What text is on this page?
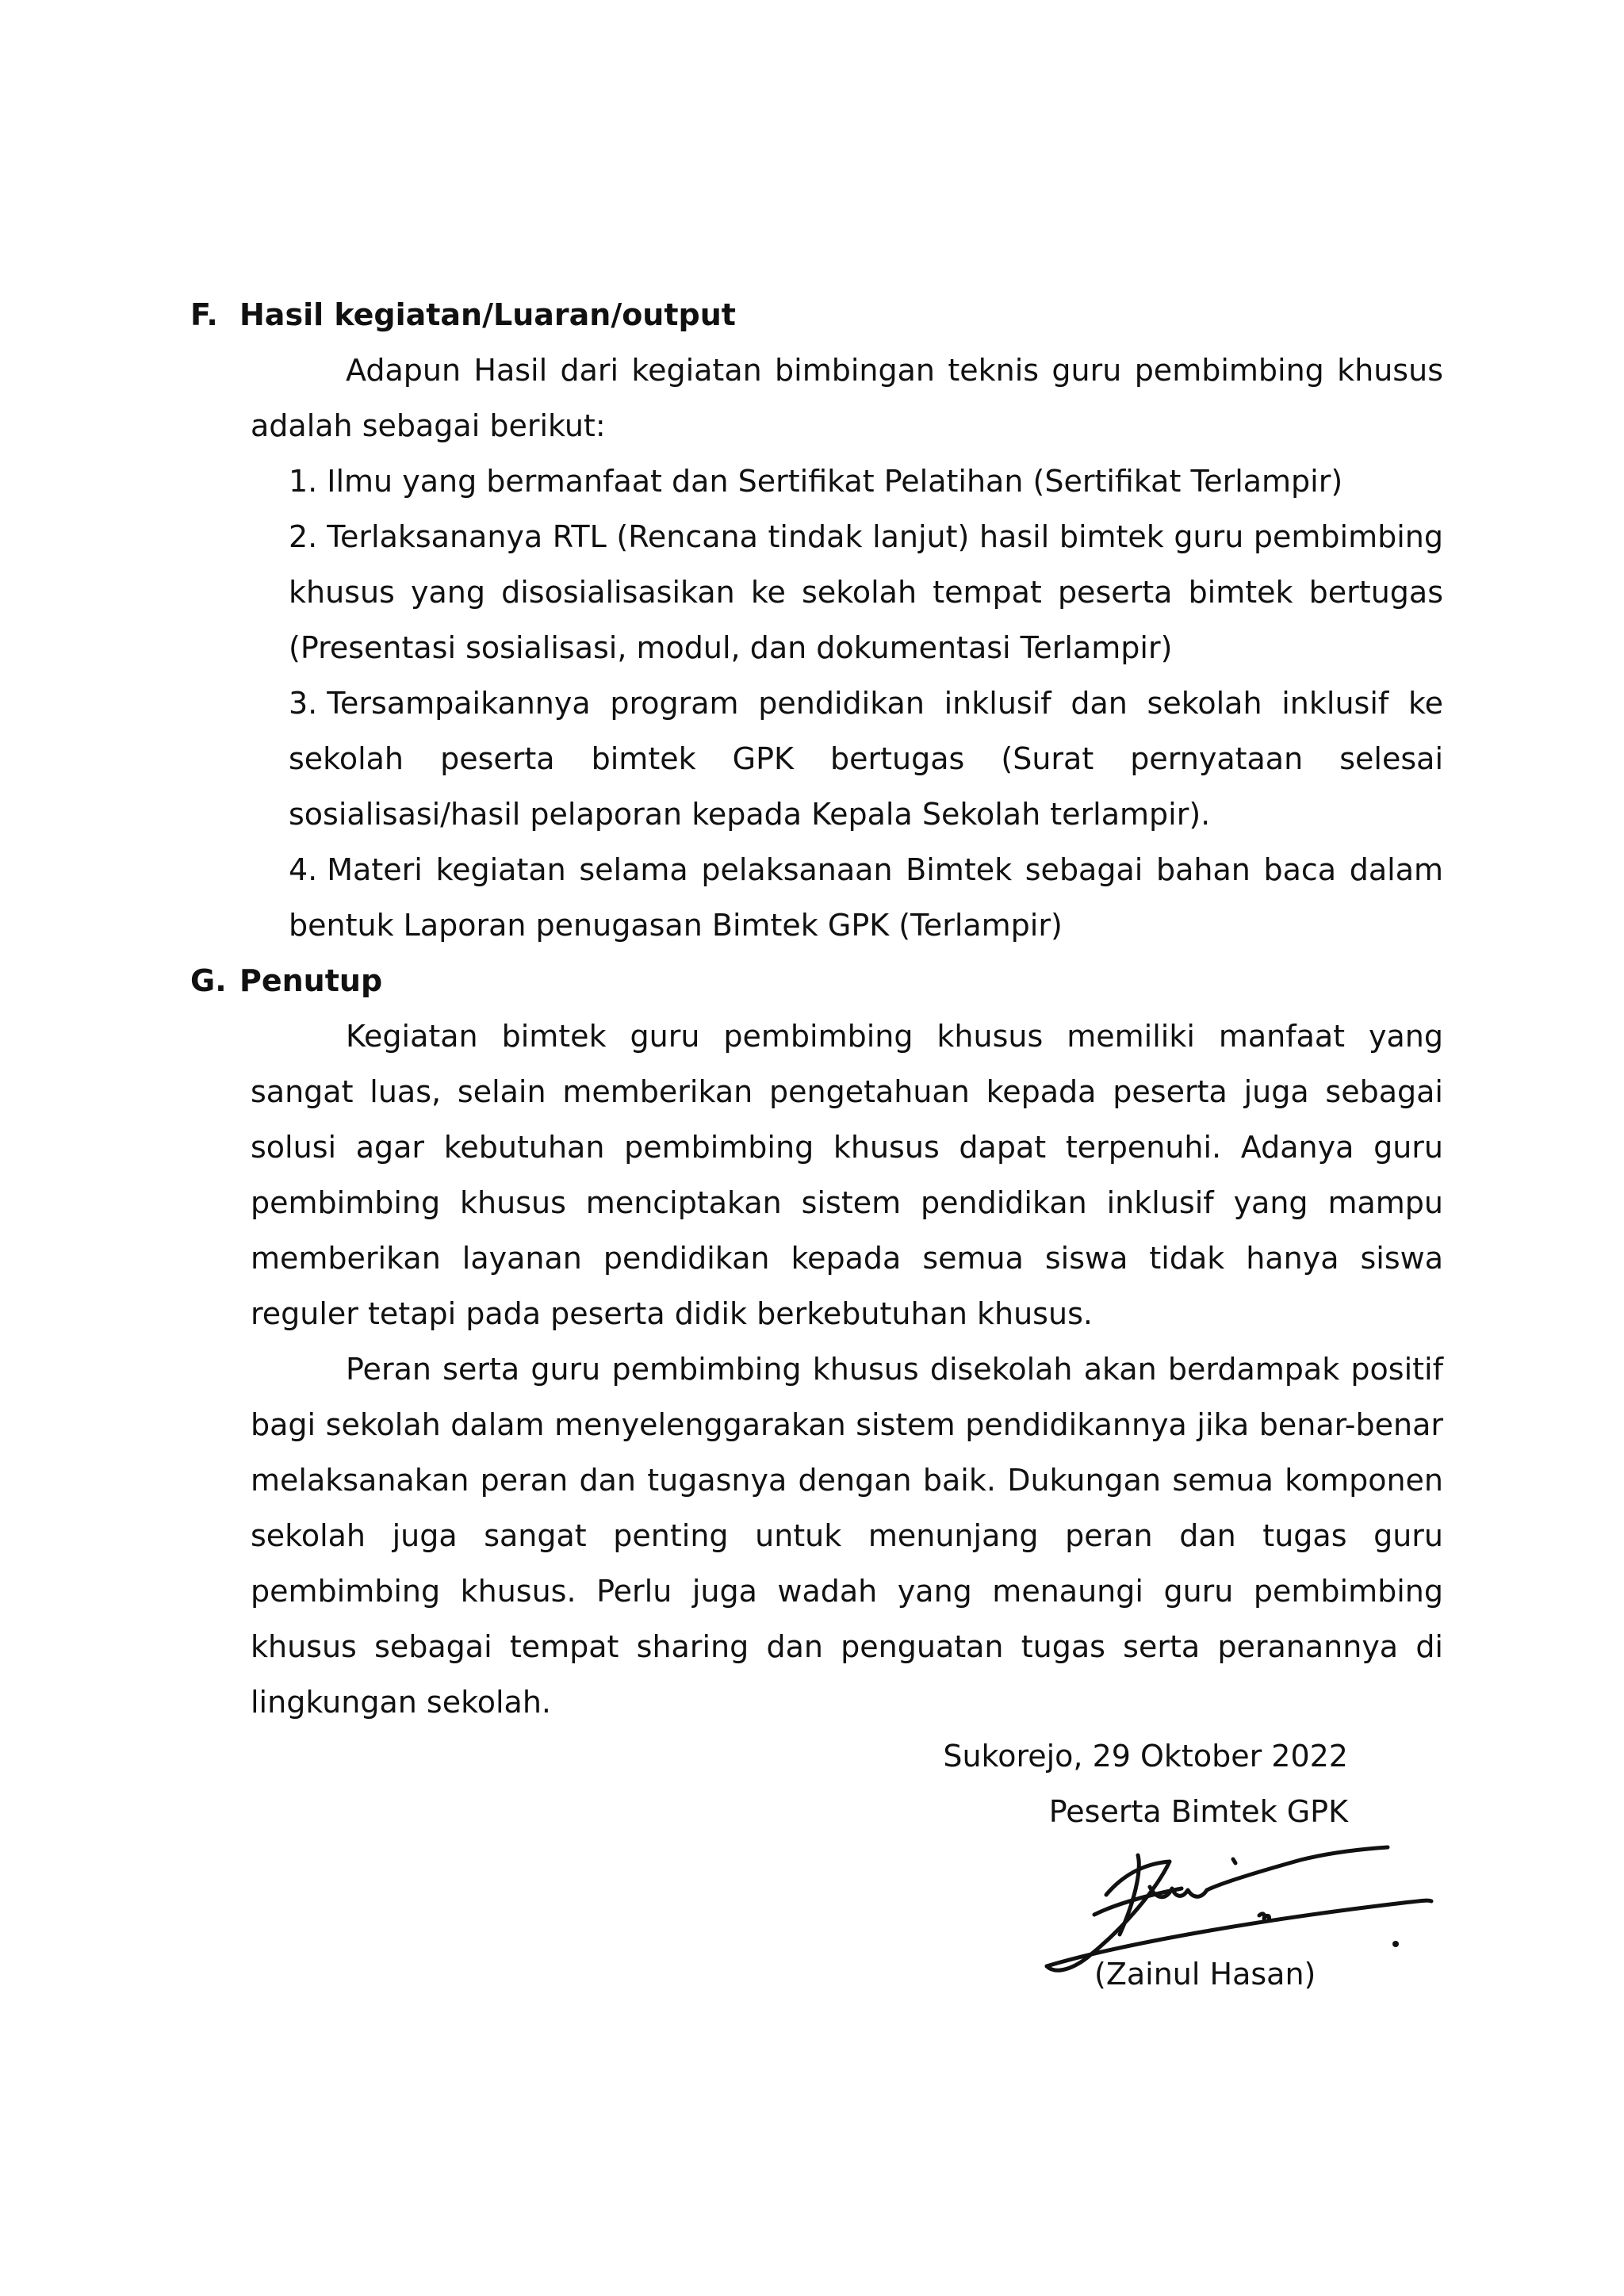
F. Hasil kegiatan/Luaran/output

Adapun Hasil dari kegiatan bimbingan teknis guru pembimbing khusus adalah sebagai berikut:

1. Ilmu yang bermanfaat dan Sertifikat Pelatihan (Sertifikat Terlampir)
2. Terlaksananya RTL (Rencana tindak lanjut) hasil bimtek guru pembimbing khusus yang disosialisasikan ke sekolah tempat peserta bimtek bertugas (Presentasi sosialisasi, modul, dan dokumentasi Terlampir)
3. Tersampaikannya program pendidikan inklusif dan sekolah inklusif ke sekolah peserta bimtek GPK bertugas (Surat pernyataan selesai sosialisasi/hasil pelaporan kepada Kepala Sekolah terlampir).
4. Materi kegiatan selama pelaksanaan Bimtek sebagai bahan baca dalam bentuk Laporan penugasan Bimtek GPK (Terlampir)
G. Penutup

Kegiatan bimtek guru pembimbing khusus memiliki manfaat yang sangat luas, selain memberikan pengetahuan kepada peserta juga sebagai solusi agar kebutuhan pembimbing khusus dapat terpenuhi. Adanya guru pembimbing khusus menciptakan sistem pendidikan inklusif yang mampu memberikan layanan pendidikan kepada semua siswa tidak hanya siswa reguler tetapi pada peserta didik berkebutuhan khusus.

Peran serta guru pembimbing khusus disekolah akan berdampak positif bagi sekolah dalam menyelenggarakan sistem pendidikannya jika benar-benar melaksanakan peran dan tugasnya dengan baik. Dukungan semua komponen sekolah juga sangat penting untuk menunjang peran dan tugas guru pembimbing khusus. Perlu juga wadah yang menaungi guru pembimbing khusus sebagai tempat sharing dan penguatan tugas serta peranannya di lingkungan sekolah.

Sukorejo, 29 Oktober 2022
Peserta Bimtek GPK
(Zainul Hasan)
